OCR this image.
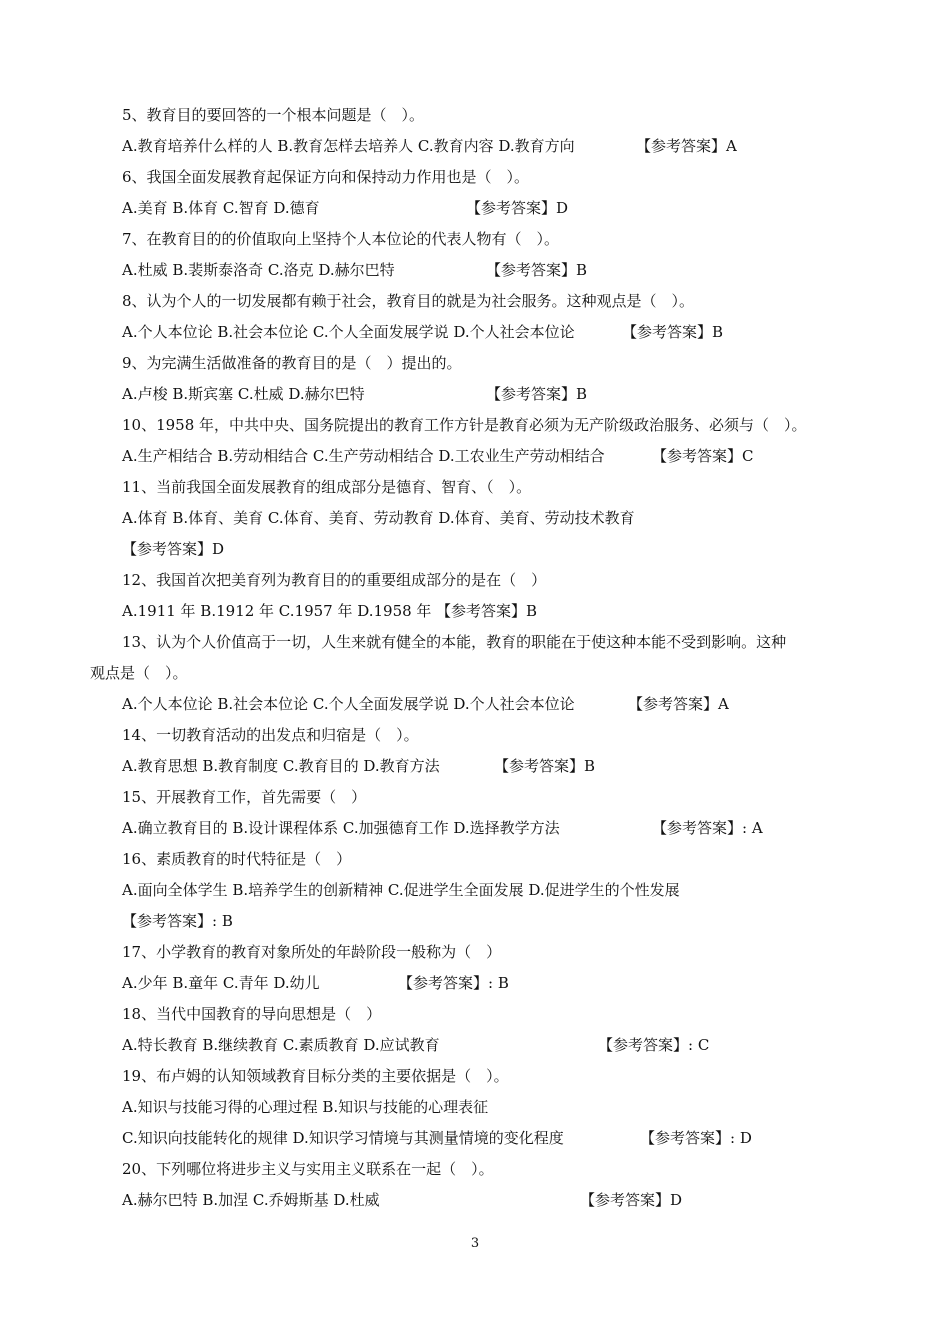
5、教育目的要回答的一个根本问题是（　）。
A.教育培养什么样的人 B.教育怎样去培养人 C.教育内容 D.教育方向	【参考答案】A
6、我国全面发展教育起保证方向和保持动力作用也是（　）。
A.美育 B.体育 C.智育 D.德育	【参考答案】D
7、在教育目的的价值取向上坚持个人本位论的代表人物有（　）。
A.杜威 B.裴斯泰洛奇 C.洛克 D.赫尔巴特	【参考答案】B
8、认为个人的一切发展都有赖于社会，教育目的就是为社会服务。这种观点是（　）。
A.个人本位论 B.社会本位论 C.个人全面发展学说 D.个人社会本位论	【参考答案】B
9、为完满生活做准备的教育目的是（　）提出的。
A.卢梭 B.斯宾塞 C.杜威 D.赫尔巴特	【参考答案】B
10、1958 年，中共中央、国务院提出的教育工作方针是教育必须为无产阶级政治服务、必须与（　）。
A.生产相结合 B.劳动相结合 C.生产劳动相结合 D.工农业生产劳动相结合	【参考答案】C
11、当前我国全面发展教育的组成部分是德育、智育、（　）。
A.体育 B.体育、美育 C.体育、美育、劳动教育 D.体育、美育、劳动技术教育
【参考答案】D
12、我国首次把美育列为教育目的的重要组成部分的是在（　）
A.1911 年 B.1912 年 C.1957 年 D.1958 年 【参考答案】B
13、认为个人价值高于一切，人生来就有健全的本能，教育的职能在于使这种本能不受到影响。这种
观点是（　）。
A.个人本位论 B.社会本位论 C.个人全面发展学说 D.个人社会本位论	【参考答案】A
14、一切教育活动的出发点和归宿是（　）。
A.教育思想 B.教育制度 C.教育目的 D.教育方法	【参考答案】B
15、开展教育工作，首先需要（　）
A.确立教育目的 B.设计课程体系 C.加强德育工作 D.选择教学方法	【参考答案】: A
16、素质教育的时代特征是（　）
A.面向全体学生 B.培养学生的创新精神 C.促进学生全面发展 D.促进学生的个性发展
【参考答案】: B
17、小学教育的教育对象所处的年龄阶段一般称为（　）
A.少年 B.童年 C.青年 D.幼儿	【参考答案】: B
18、当代中国教育的导向思想是（　）
A.特长教育 B.继续教育 C.素质教育 D.应试教育	【参考答案】: C
19、布卢姆的认知领域教育目标分类的主要依据是（　）。
A.知识与技能习得的心理过程 B.知识与技能的心理表征
C.知识向技能转化的规律 D.知识学习情境与其测量情境的变化程度	【参考答案】: D
20、下列哪位将进步主义与实用主义联系在一起（　）。
A.赫尔巴特 B.加涅 C.乔姆斯基 D.杜威	【参考答案】D
3
